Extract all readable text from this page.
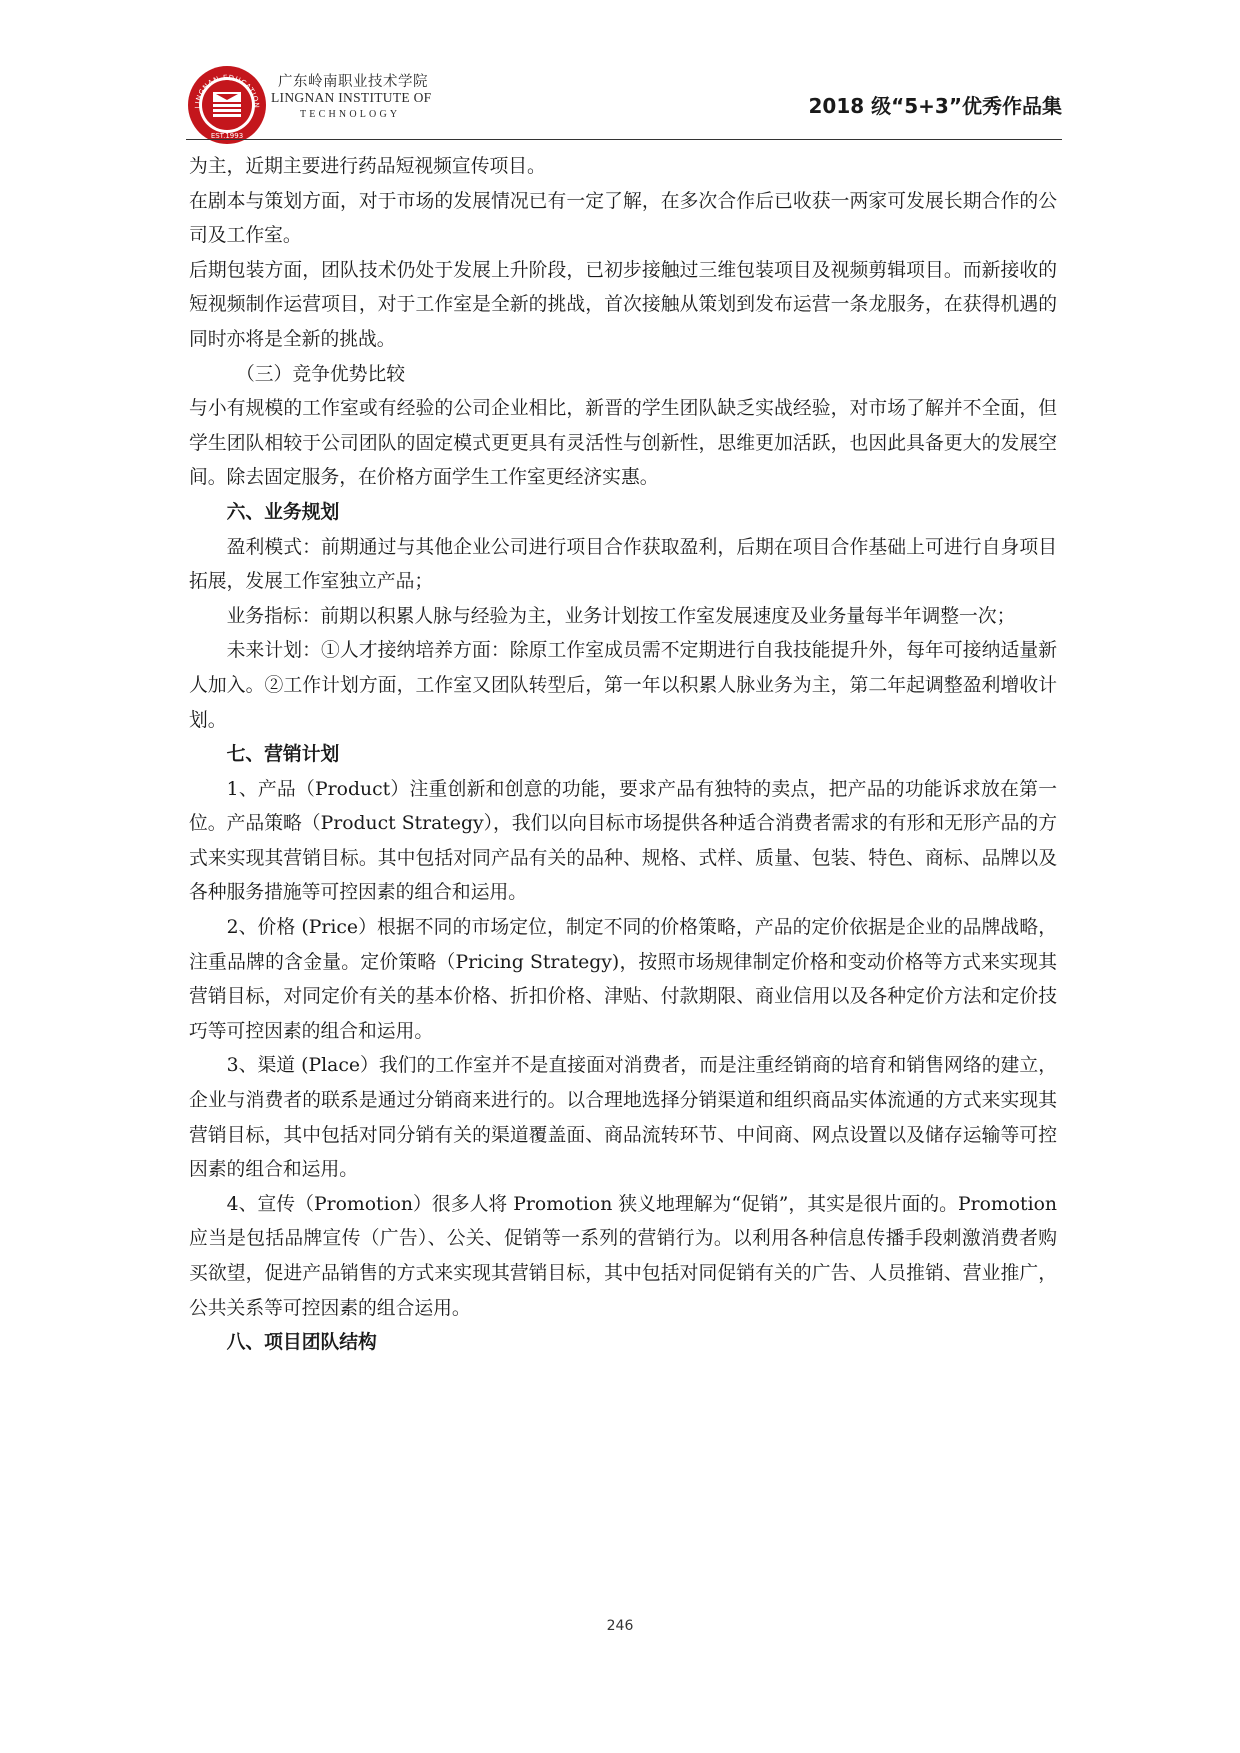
LINGNAN EDUCATION
EST.1993
广东岭南职业技术学院
LINGNAN INSTITUTE OF
TECHNOLOGY	2018 级“5+3”优秀作品集

为主，近期主要进行药品短视频宣传项目。

在剧本与策划方面，对于市场的发展情况已有一定了解，在多次合作后已收获一两家可发展长期合作的公司及工作室。

后期包装方面，团队技术仍处于发展上升阶段，已初步接触过三维包装项目及视频剪辑项目。而新接收的短视频制作运营项目，对于工作室是全新的挑战，首次接触从策划到发布运营一条龙服务，在获得机遇的同时亦将是全新的挑战。

（三）竞争优势比较

与小有规模的工作室或有经验的公司企业相比，新晋的学生团队缺乏实战经验，对市场了解并不全面，但学生团队相较于公司团队的固定模式更更具有灵活性与创新性，思维更加活跃，也因此具备更大的发展空间。除去固定服务，在价格方面学生工作室更经济实惠。

六、业务规划

盈利模式：前期通过与其他企业公司进行项目合作获取盈利，后期在项目合作基础上可进行自身项目拓展，发展工作室独立产品；

业务指标：前期以积累人脉与经验为主，业务计划按工作室发展速度及业务量每半年调整一次；

未来计划：①人才接纳培养方面：除原工作室成员需不定期进行自我技能提升外，每年可接纳适量新人加入。②工作计划方面，工作室又团队转型后，第一年以积累人脉业务为主，第二年起调整盈利增收计划。

七、营销计划

1、产品（Product）注重创新和创意的功能，要求产品有独特的卖点，把产品的功能诉求放在第一位。产品策略（Product Strategy），我们以向目标市场提供各种适合消费者需求的有形和无形产品的方式来实现其营销目标。其中包括对同产品有关的品种、规格、式样、质量、包装、特色、商标、品牌以及各种服务措施等可控因素的组合和运用。

2、价格 (Price）根据不同的市场定位，制定不同的价格策略，产品的定价依据是企业的品牌战略，注重品牌的含金量。定价策略（Pricing Strategy)，按照市场规律制定价格和变动价格等方式来实现其营销目标，对同定价有关的基本价格、折扣价格、津贴、付款期限、商业信用以及各种定价方法和定价技巧等可控因素的组合和运用。

3、渠道 (Place）我们的工作室并不是直接面对消费者，而是注重经销商的培育和销售网络的建立，企业与消费者的联系是通过分销商来进行的。以合理地选择分销渠道和组织商品实体流通的方式来实现其营销目标，其中包括对同分销有关的渠道覆盖面、商品流转环节、中间商、网点设置以及储存运输等可控因素的组合和运用。

4、宣传（Promotion）很多人将 Promotion 狭义地理解为“促销”，其实是很片面的。Promotion 应当是包括品牌宣传（广告）、公关、促销等一系列的营销行为。以利用各种信息传播手段刺激消费者购买欲望，促进产品销售的方式来实现其营销目标，其中包括对同促销有关的广告、人员推销、营业推广，公共关系等可控因素的组合运用。

八、项目团队结构

246
